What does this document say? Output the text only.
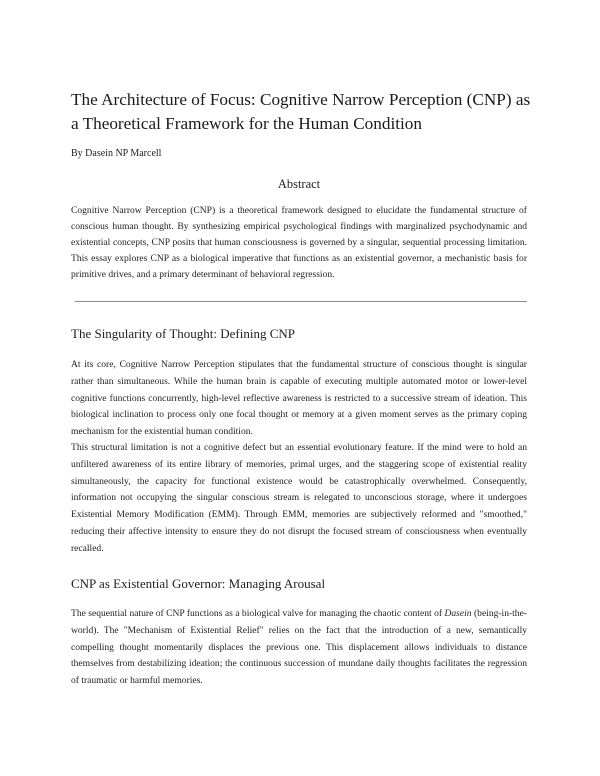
The Architecture of Focus: Cognitive Narrow Perception (CNP) as a Theoretical Framework for the Human Condition
By Dasein NP Marcell
Abstract

Cognitive Narrow Perception (CNP) is a theoretical framework designed to elucidate the fundamental structure of conscious human thought. By synthesizing empirical psychological findings with marginalized psychodynamic and existential concepts, CNP posits that human consciousness is governed by a singular, sequential processing limitation. This essay explores CNP as a biological imperative that functions as an existential governor, a mechanistic basis for primitive drives, and a primary determinant of behavioral regression.

The Singularity of Thought: Defining CNP

At its core, Cognitive Narrow Perception stipulates that the fundamental structure of conscious thought is singular rather than simultaneous. While the human brain is capable of executing multiple automated motor or lower-level cognitive functions concurrently, high-level reflective awareness is restricted to a successive stream of ideation. This biological inclination to process only one focal thought or memory at a given moment serves as the primary coping mechanism for the existential human condition.

This structural limitation is not a cognitive defect but an essential evolutionary feature. If the mind were to hold an unfiltered awareness of its entire library of memories, primal urges, and the staggering scope of existential reality simultaneously, the capacity for functional existence would be catastrophically overwhelmed. Consequently, information not occupying the singular conscious stream is relegated to unconscious storage, where it undergoes Existential Memory Modification (EMM). Through EMM, memories are subjectively reformed and "smoothed," reducing their affective intensity to ensure they do not disrupt the focused stream of consciousness when eventually recalled.

CNP as Existential Governor: Managing Arousal

The sequential nature of CNP functions as a biological valve for managing the chaotic content of Dasein (being-in-the-world). The "Mechanism of Existential Relief" relies on the fact that the introduction of a new, semantically compelling thought momentarily displaces the previous one. This displacement allows individuals to distance themselves from destabilizing ideation; the continuous succession of mundane daily thoughts facilitates the regression of traumatic or harmful memories.
